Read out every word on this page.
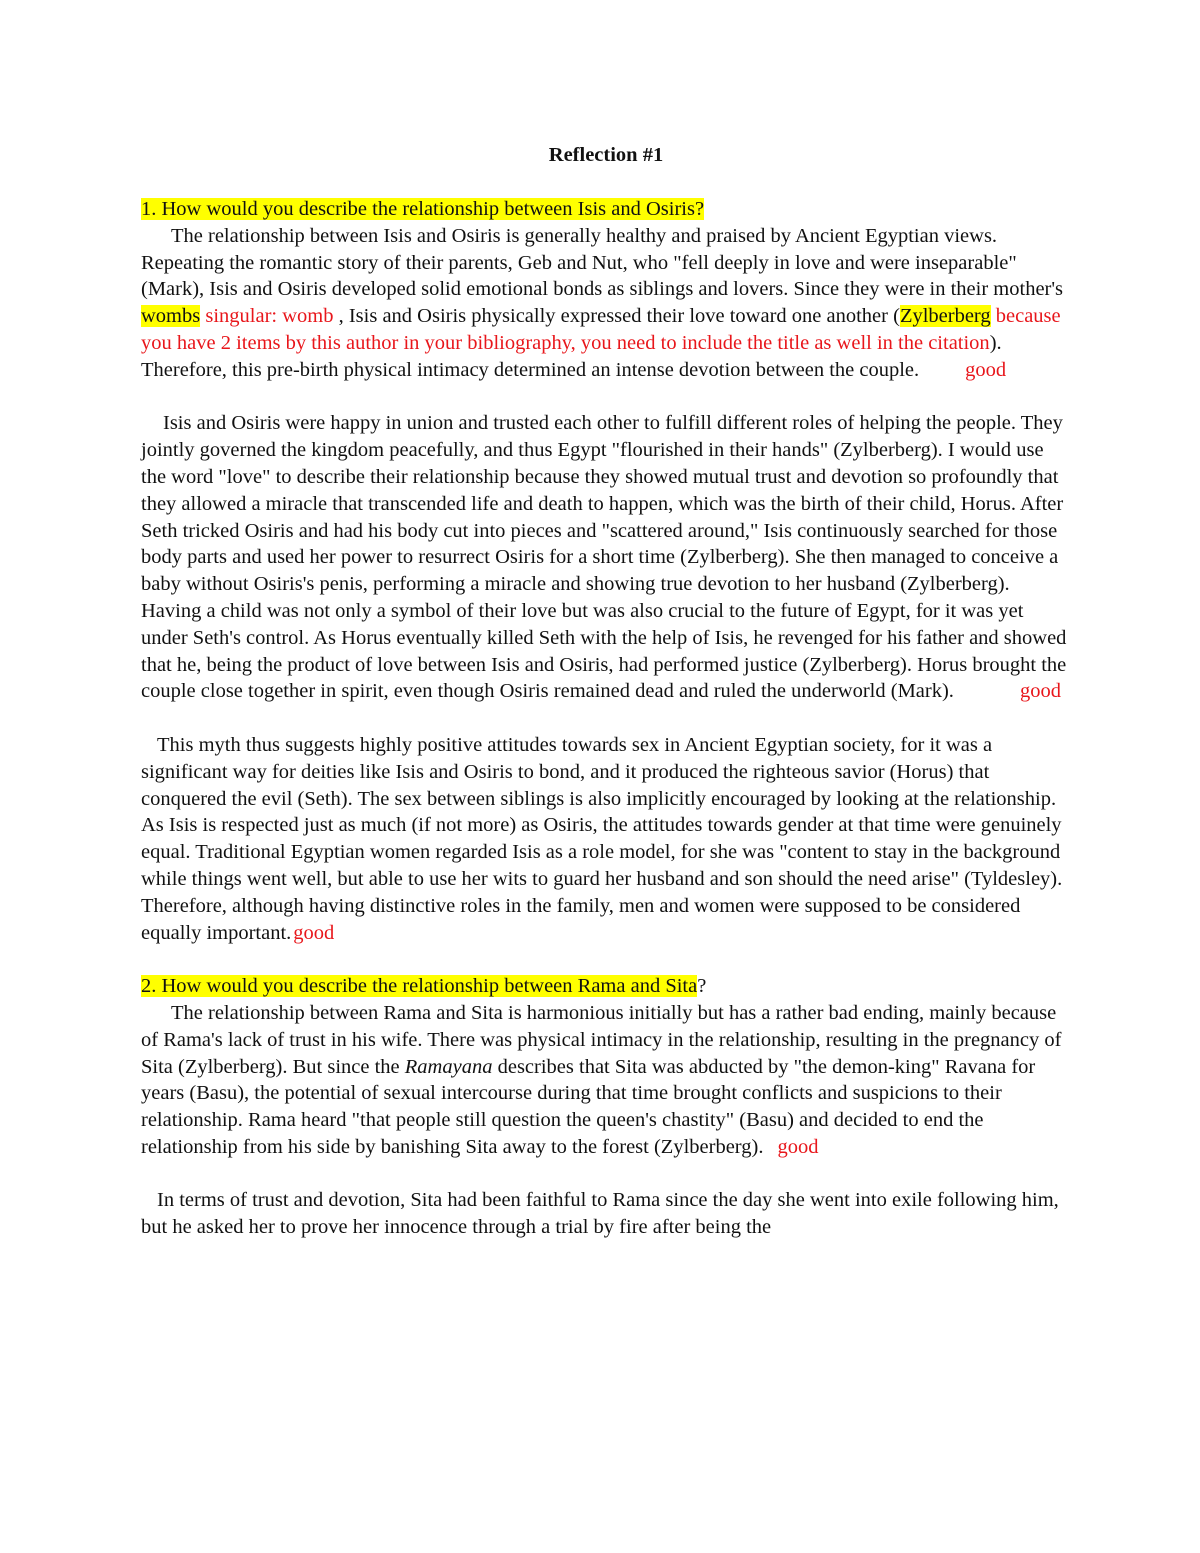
Reflection #1

1. How would you describe the relationship between Isis and Osiris?

The relationship between Isis and Osiris is generally healthy and praised by Ancient Egyptian views. Repeating the romantic story of their parents, Geb and Nut, who "fell deeply in love and were inseparable" (Mark), Isis and Osiris developed solid emotional bonds as siblings and lovers. Since they were in their mother's wombs singular: womb , Isis and Osiris physically expressed their love toward one another (Zylberberg because you have 2 items by this author in your bibliography, you need to include the title as well in the citation). Therefore, this pre-birth physical intimacy determined an intense devotion between the couple. good

Isis and Osiris were happy in union and trusted each other to fulfill different roles of helping the people. They jointly governed the kingdom peacefully, and thus Egypt "flourished in their hands" (Zylberberg). I would use the word "love" to describe their relationship because they showed mutual trust and devotion so profoundly that they allowed a miracle that transcended life and death to happen, which was the birth of their child, Horus. After Seth tricked Osiris and had his body cut into pieces and "scattered around," Isis continuously searched for those body parts and used her power to resurrect Osiris for a short time (Zylberberg). She then managed to conceive a baby without Osiris's penis, performing a miracle and showing true devotion to her husband (Zylberberg). Having a child was not only a symbol of their love but was also crucial to the future of Egypt, for it was yet under Seth's control. As Horus eventually killed Seth with the help of Isis, he revenged for his father and showed that he, being the product of love between Isis and Osiris, had performed justice (Zylberberg). Horus brought the couple close together in spirit, even though Osiris remained dead and ruled the underworld (Mark).	good

This myth thus suggests highly positive attitudes towards sex in Ancient Egyptian society, for it was a significant way for deities like Isis and Osiris to bond, and it produced the righteous savior (Horus) that conquered the evil (Seth). The sex between siblings is also implicitly encouraged by looking at the relationship. As Isis is respected just as much (if not more) as Osiris, the attitudes towards gender at that time were genuinely equal. Traditional Egyptian women regarded Isis as a role model, for she was "content to stay in the background while things went well, but able to use her wits to guard her husband and son should the need arise" (Tyldesley). Therefore, although having distinctive roles in the family, men and women were supposed to be considered equally important.good

2. How would you describe the relationship between Rama and Sita?

The relationship between Rama and Sita is harmonious initially but has a rather bad ending, mainly because of Rama's lack of trust in his wife. There was physical intimacy in the relationship, resulting in the pregnancy of Sita (Zylberberg). But since the Ramayana describes that Sita was abducted by "the demon-king" Ravana for years (Basu), the potential of sexual intercourse during that time brought conflicts and suspicions to their relationship. Rama heard "that people still question the queen's chastity" (Basu) and decided to end the relationship from his side by banishing Sita away to the forest (Zylberberg). good

In terms of trust and devotion, Sita had been faithful to Rama since the day she went into exile following him, but he asked her to prove her innocence through a trial by fire after being the
